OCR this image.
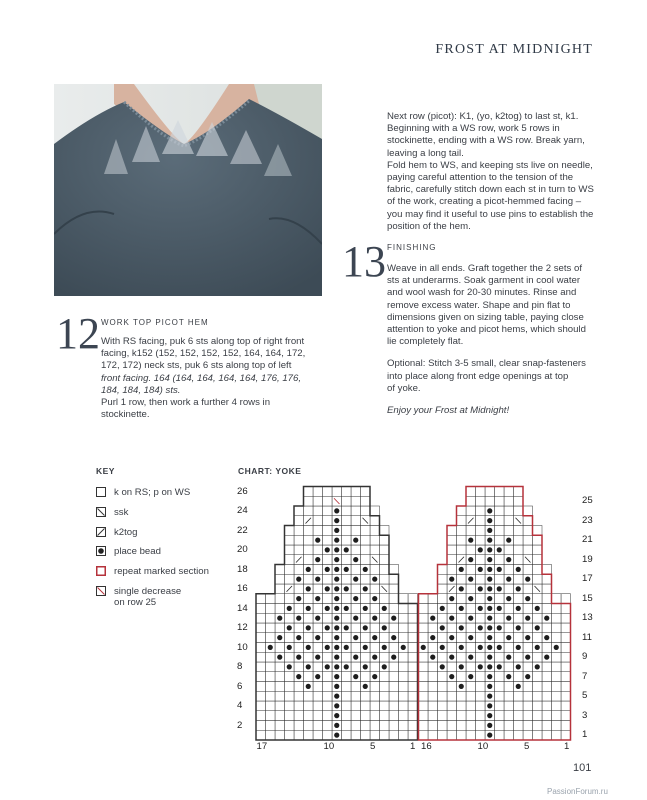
FROST AT MIDNIGHT
12 WORK TOP PICOT HEM

With RS facing, puk 6 sts along top of right front

facing, k152 (152, 152, 152, 152, 164, 164, 172,

172, 172) neck sts, puk 6 sts along top of left

front facing. 164 (164, 164, 164, 164, 176, 176,

184, 184, 184) sts.

Purl 1 row, then work a further 4 rows in

stockinette.

Next row (picot): K1, (yo, k2tog) to last st, k1.

Beginning with a WS row, work 5 rows in

stockinette, ending with a WS row. Break yarn,

leaving a long tail.

Fold hem to WS, and keeping sts live on needle,

paying careful attention to the tension of the

fabric, carefully stitch down each st in turn to WS

of the work, creating a picot-hemmed facing –

you may find it useful to use pins to establish the

position of the hem.

13 FINISHING

Weave in all ends. Graft together the 2 sets of

sts at underarms. Soak garment in cool water

and wool wash for 20-30 minutes. Rinse and

remove excess water. Shape and pin flat to

dimensions given on sizing table, paying close

attention to yoke and picot hems, which should

lie completely flat.

Optional: Stitch 3-5 small, clear snap-fasteners

into place along front edge openings at top

of yoke.

Enjoy your Frost at Midnight!

KEY
k on RS; p on WS
ssk
k2tog
place bead
repeat marked section
single decrease
on row 25
CHART: YOKE
26
24
22
20
18
16
14
12
10
8
6
4
2
25
23
21
19
17
15
13
11
9
7
5
3
1
17	10	5	1 16	10	5	1
101
PassionForum.ru
